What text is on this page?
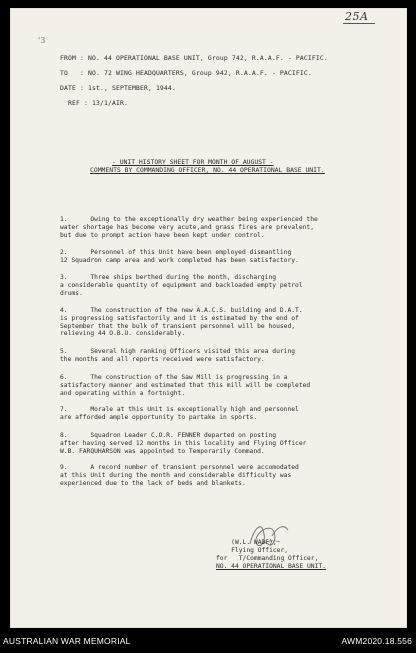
25A
'3
FROM : NO. 44 OPERATIONAL BASE UNIT, Group 742, R.A.A.F. - PACIFIC.
TO   : NO. 72 WING HEADQUARTERS, Group 942, R.A.A.F. - PACIFIC.
DATE : 1st., SEPTEMBER, 1944.
REF : 13/1/AIR.
- UNIT HISTORY SHEET FOR MONTH OF AUGUST -
COMMENTS BY COMMANDING OFFICER, NO. 44 OPERATIONAL BASE UNIT.
1.      Owing to the exceptionally dry weather being experienced the
water shortage has become very acute,and grass fires are prevalent,
but due to prompt action have been kept under control.
2.      Personnel of this Unit have been employed dismantling
12 Squadron camp area and work completed has been satisfactory.
3.      Three ships berthed during the month, discharging
a considerable quantity of equipment and backloaded empty petrol
drums.
4.      The construction of the new A.A.C.S. building and D.A.T.
is progressing satisfactorily and it is estimated by the end of
September that the bulk of transient personnel will be housed,
relieving 44 O.B.U. considerably.
5.      Several high ranking Officers visited this area during
the months and all reports received were satisfactory.
6.      The construction of the Saw Mill is progressing in a
satisfactory manner and estimated that this mill will be completed
and operating within a fortnight.
7.      Morale at this Unit is exceptionally high and personnel
are afforded ample opportunity to partake in sports.
8.      Squadron Leader C.O.R. FENNER departed on posting
after having served 12 months in this locality and Flying Officer
W.B. FARQUHARSON was appointed to Temporarily Command.
9.      A record number of transient personnel were accomodated
at this Unit during the month and considerable difficulty was
experienced due to the lack of beds and blankets.
(W.L. WADE),
Flying Officer,
for   T/Commanding Officer,
NO. 44 OPERATIONAL BASE UNIT.
AUSTRALIAN WAR MEMORIAL	AWM2020.18.556
